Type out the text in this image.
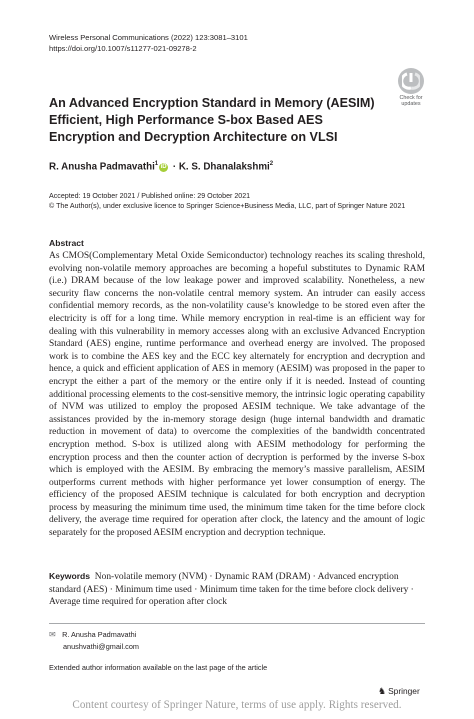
Wireless Personal Communications (2022) 123:3081–3101
https://doi.org/10.1007/s11277-021-09278-2
Check for
updates
An Advanced Encryption Standard in Memory (AESIM) Efficient, High Performance S-box Based AES Encryption and Decryption Architecture on VLSI
R. Anusha Padmavathi$^1$iD · K. S. Dhanalakshmi$^2$
Accepted: 19 October 2021 / Published online: 29 October 2021
© The Author(s), under exclusive licence to Springer Science+Business Media, LLC, part of Springer Nature 2021
Abstract

As CMOS(Complementary Metal Oxide Semiconductor) technology reaches its scaling threshold, evolving non-volatile memory approaches are becoming a hopeful substitutes to Dynamic RAM (i.e.) DRAM because of the low leakage power and improved scalability. Nonetheless, a new security flaw concerns the non-volatile central memory system. An intruder can easily access confidential memory records, as the non-volatility cause’s knowledge to be stored even after the electricity is off for a long time. While memory encryption in real-time is an efficient way for dealing with this vulnerability in memory accesses along with an exclusive Advanced Encryption Standard (AES) engine, runtime performance and overhead energy are involved. The proposed work is to combine the AES key and the ECC key alternately for encryption and decryption and hence, a quick and efficient application of AES in memory (AESIM) was proposed in the paper to encrypt the either a part of the memory or the entire only if it is needed. Instead of counting additional processing elements to the cost-sensitive memory, the intrinsic logic operating capability of NVM was utilized to employ the proposed AESIM technique. We take advantage of the assistances provided by the in-memory storage design (huge internal bandwidth and dramatic reduction in movement of data) to overcome the complexities of the bandwidth concentrated encryption method. S-box is utilized along with AESIM methodology for performing the encryption process and then the counter action of decryption is performed by the inverse S-box which is employed with the AESIM. By embracing the memory’s massive parallelism, AESIM outperforms current methods with higher performance yet lower consumption of energy. The efficiency of the proposed AESIM technique is calculated for both encryption and decryption process by measuring the minimum time used, the minimum time taken for the time before clock delivery, the average time required for operation after clock, the latency and the amount of logic separately for the proposed AESIM encryption and decryption technique.

Keywords Non-volatile memory (NVM) · Dynamic RAM (DRAM) · Advanced encryption standard (AES) · Minimum time used · Minimum time taken for the time before clock delivery · Average time required for operation after clock

✉ R. Anusha Padmavathi
anushvathi@gmail.com
Extended author information available on the last page of the article
♞ Springer
Content courtesy of Springer Nature, terms of use apply. Rights reserved.
